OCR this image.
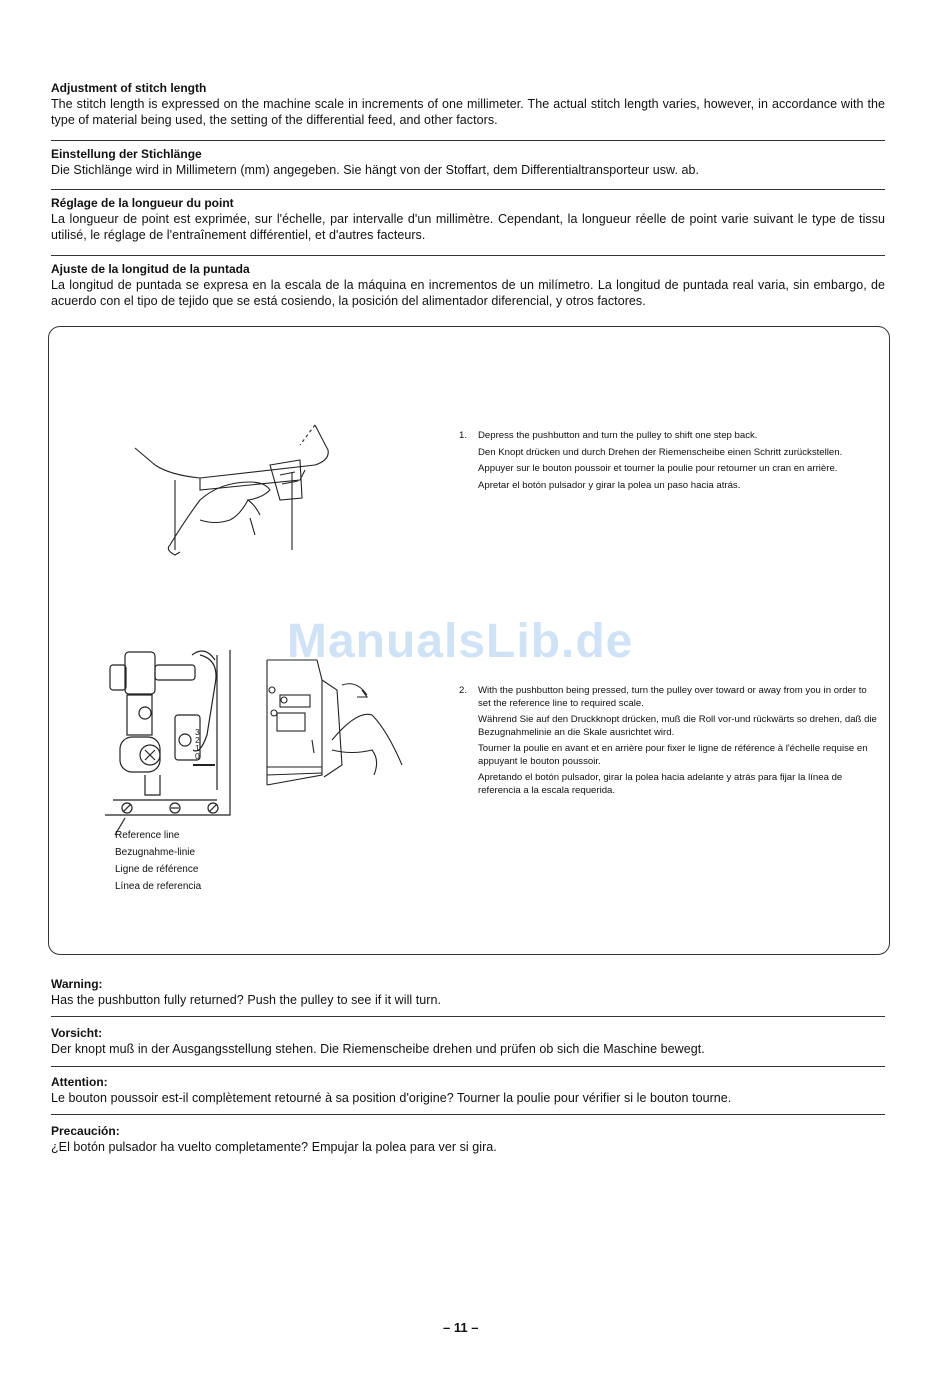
Adjustment of stitch length
The stitch length is expressed on the machine scale in increments of one millimeter. The actual stitch length varies, however, in accordance with the type of material being used, the setting of the differential feed, and other factors.
Einstellung der Stichlänge
Die Stichlänge wird in Millimetern (mm) angegeben. Sie hängt von der Stoffart, dem Differentialtransporteur usw. ab.
Réglage de la longueur du point
La longueur de point est exprimée, sur l'échelle, par intervalle d'un millimètre. Cependant, la longueur réelle de point varie suivant le type de tissu utilisé, le réglage de l'entraînement différentiel, et d'autres facteurs.
Ajuste de la longitud de la puntada
La longitud de puntada se expresa en la escala de la máquina en incrementos de un milímetro. La longitud de puntada real varia, sin embargo, de acuerdo con el tipo de tejido que se está cosiendo, la posición del alimentador diferencial, y otros factores.
3
2
1
0
ManualsLib.de
Reference line
Bezugnahme-linie
Ligne de référence
Línea de referencia
1. Depress the pushbutton and turn the pulley to shift one step back.

Den Knopt drücken und durch Drehen der Riemenscheibe einen Schritt zurückstellen.

Appuyer sur le bouton poussoir et tourner la poulie pour retourner un cran en arrière.

Apretar el botón pulsador y girar la polea un paso hacia atrás.

2. With the pushbutton being pressed, turn the pulley over toward or away from you in order to set the reference line to required scale.

Während Sie auf den Druckknopt drücken, muß die Roll vor-und rückwärts so drehen, daß die Bezugnahmelinie an die Skale ausrichtet wird.

Tourner la poulie en avant et en arrière pour fixer le ligne de référence à l'échelle requise en appuyant le bouton poussoir.

Apretando el botón pulsador, girar la polea hacia adelante y atrás para fijar la línea de referencia a la escala requerida.

Warning:
Has the pushbutton fully returned? Push the pulley to see if it will turn.
Vorsicht:
Der knopt muß in der Ausgangsstellung stehen. Die Riemenscheibe drehen und prüfen ob sich die Maschine bewegt.
Attention:
Le bouton poussoir est-il complètement retourné à sa position d'origine? Tourner la poulie pour vérifier si le bouton tourne.
Precaución:
¿El botón pulsador ha vuelto completamente? Empujar la polea para ver si gira.
– 11 –
